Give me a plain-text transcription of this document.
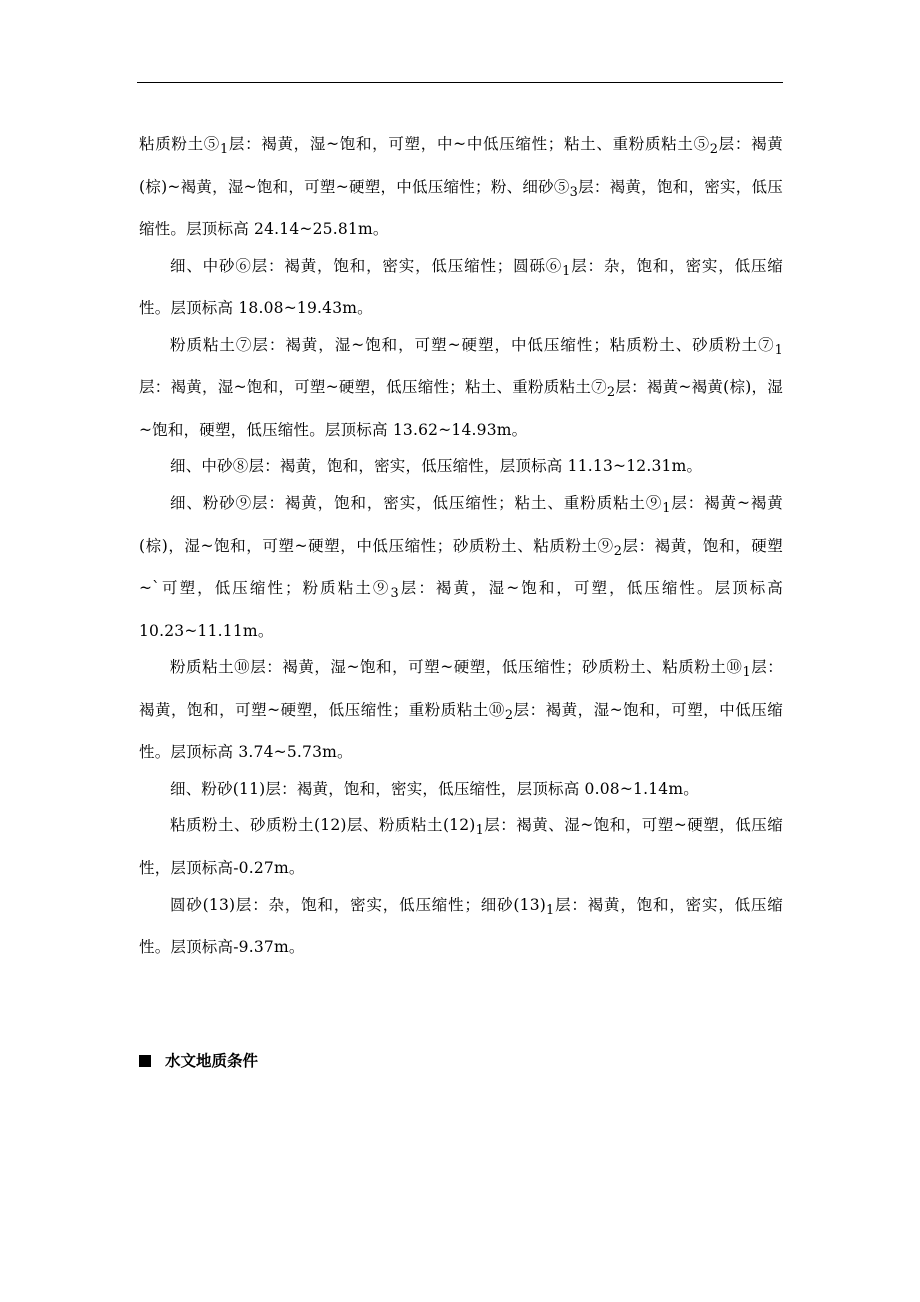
粘质粉土$⑤_1$层：褐黄，湿~饱和，可塑，中~中低压缩性；粘土、重粉质粘土$⑤_2$层：褐黄(棕)~褐黄，湿~饱和，可塑~硬塑，中低压缩性；粉、细砂$⑤_3$层：褐黄，饱和，密实，低压缩性。层顶标高 24.14~25.81m。

细、中砂⑥层：褐黄，饱和，密实，低压缩性；圆砾$⑥_1$层：杂，饱和，密实，低压缩性。层顶标高 18.08~19.43m。

粉质粘土⑦层：褐黄，湿~饱和，可塑~硬塑，中低压缩性；粘质粉土、砂质粉土$⑦_1$层：褐黄，湿~饱和，可塑~硬塑，低压缩性；粘土、重粉质粘土$⑦_2$层：褐黄~褐黄(棕)，湿~饱和，硬塑，低压缩性。层顶标高 13.62~14.93m。

细、中砂⑧层：褐黄，饱和，密实，低压缩性，层顶标高 11.13~12.31m。

细、粉砂⑨层：褐黄，饱和，密实，低压缩性；粘土、重粉质粘土$⑨_1$层：褐黄~褐黄(棕)，湿~饱和，可塑~硬塑，中低压缩性；砂质粉土、粘质粉土$⑨_2$层：褐黄，饱和，硬塑~`可塑，低压缩性；粉质粘土$⑨_3$层：褐黄，湿~饱和，可塑，低压缩性。层顶标高 10.23~11.11m。

粉质粘土⑩层：褐黄，湿~饱和，可塑~硬塑，低压缩性；砂质粉土、粘质粉土$⑩_1$层：褐黄，饱和，可塑~硬塑，低压缩性；重粉质粘土$⑩_2$层：褐黄，湿~饱和，可塑，中低压缩性。层顶标高 3.74~5.73m。

细、粉砂(11)层：褐黄，饱和，密实，低压缩性，层顶标高 0.08~1.14m。

粘质粉土、砂质粉土(12)层、粉质粘土$(12)_1$层：褐黄、湿~饱和，可塑~硬塑，低压缩性，层顶标高-0.27m。

圆砂(13)层：杂，饱和，密实，低压缩性；细砂$(13)_1$层：褐黄，饱和，密实，低压缩性。层顶标高-9.37m。

水文地质条件
